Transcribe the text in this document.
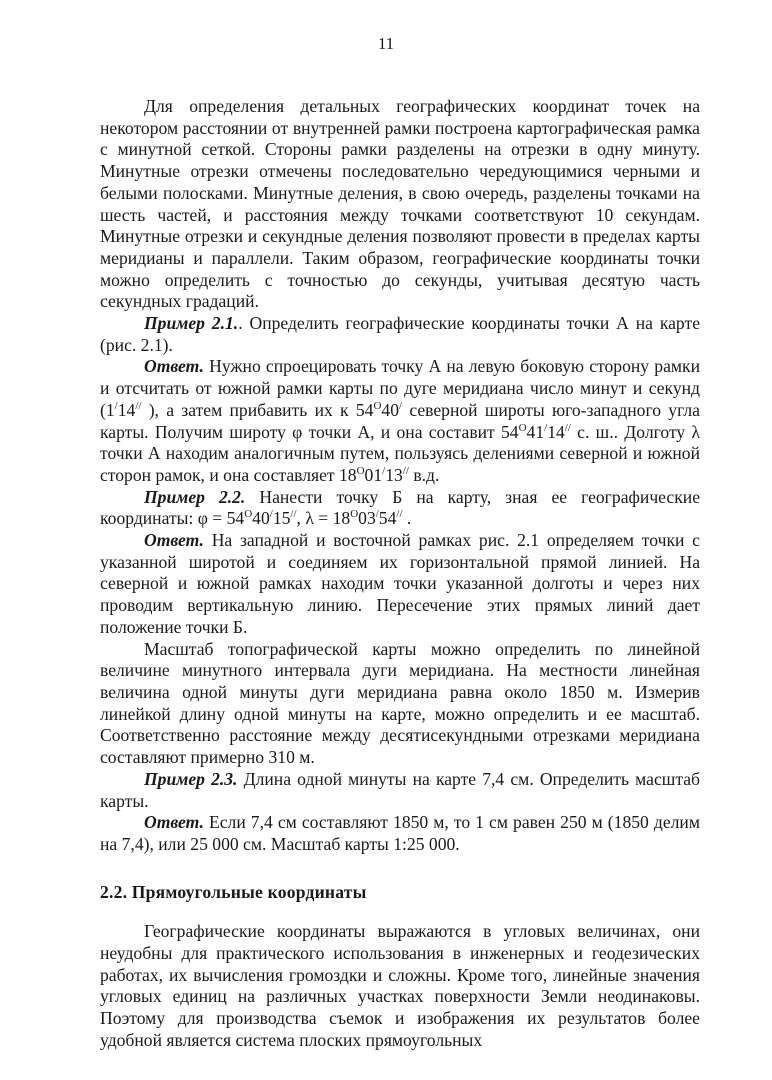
11

Для определения детальных географических координат точек на некотором расстоянии от внутренней рамки построена картографическая рамка с минутной сеткой. Стороны рамки разделены на отрезки в одну минуту. Минутные отрезки отмечены последовательно чередующимися черными и белыми полосками. Минутные деления, в свою очередь, разделены точками на шесть частей, и расстояния между точками соответствуют 10 секундам. Минутные отрезки и секундные деления позволяют провести в пределах карты меридианы и параллели. Таким образом, географические координаты точки можно определить с точностью до секунды, учитывая десятую часть секундных градаций.

Пример 2.1.. Определить географические координаты точки А на карте (рис. 2.1).

Ответ. Нужно спроецировать точку А на левую боковую сторону рамки и отсчитать от южной рамки карты по дуге меридиана число минут и секунд (1/14// ), а затем прибавить их к $54^О40^/$ северной широты юго-западного угла карты. Получим широту φ точки А, и она составит $54^О41^/14^{//}$ с. ш.. Долготу λ точки А находим аналогичным путем, пользуясь делениями северной и южной сторон рамок, и она составляет $18^О01^/13^{//}$ в.д.

Пример 2.2. Нанести точку Б на карту, зная ее географические координаты: $\varphi = 54^О40^/15^{//}$, $\lambda = 18^О03^/54^{//}$ .

Ответ. На западной и восточной рамках рис. 2.1 определяем точки с указанной широтой и соединяем их горизонтальной прямой линией. На северной и южной рамках находим точки указанной долготы и через них проводим вертикальную линию. Пересечение этих прямых линий дает положение точки Б.

Масштаб топографической карты можно определить по линейной величине минутного интервала дуги меридиана. На местности линейная величина одной минуты дуги меридиана равна около 1850 м. Измерив линейкой длину одной минуты на карте, можно определить и ее масштаб. Соответственно расстояние между десятисекундными отрезками меридиана составляют примерно 310 м.

Пример 2.3. Длина одной минуты на карте 7,4 см. Определить масштаб карты.

Ответ. Если 7,4 см составляют 1850 м, то 1 см равен 250 м (1850 делим на 7,4), или 25 000 см. Масштаб карты 1:25 000.

2.2. Прямоугольные координаты

Географические координаты выражаются в угловых величинах, они неудобны для практического использования в инженерных и геодезических работах, их вычисления громоздки и сложны. Кроме того, линейные значения угловых единиц на различных участках поверхности Земли неодинаковы. Поэтому для производства съемок и изображения их результатов более удобной является система плоских прямоугольных
